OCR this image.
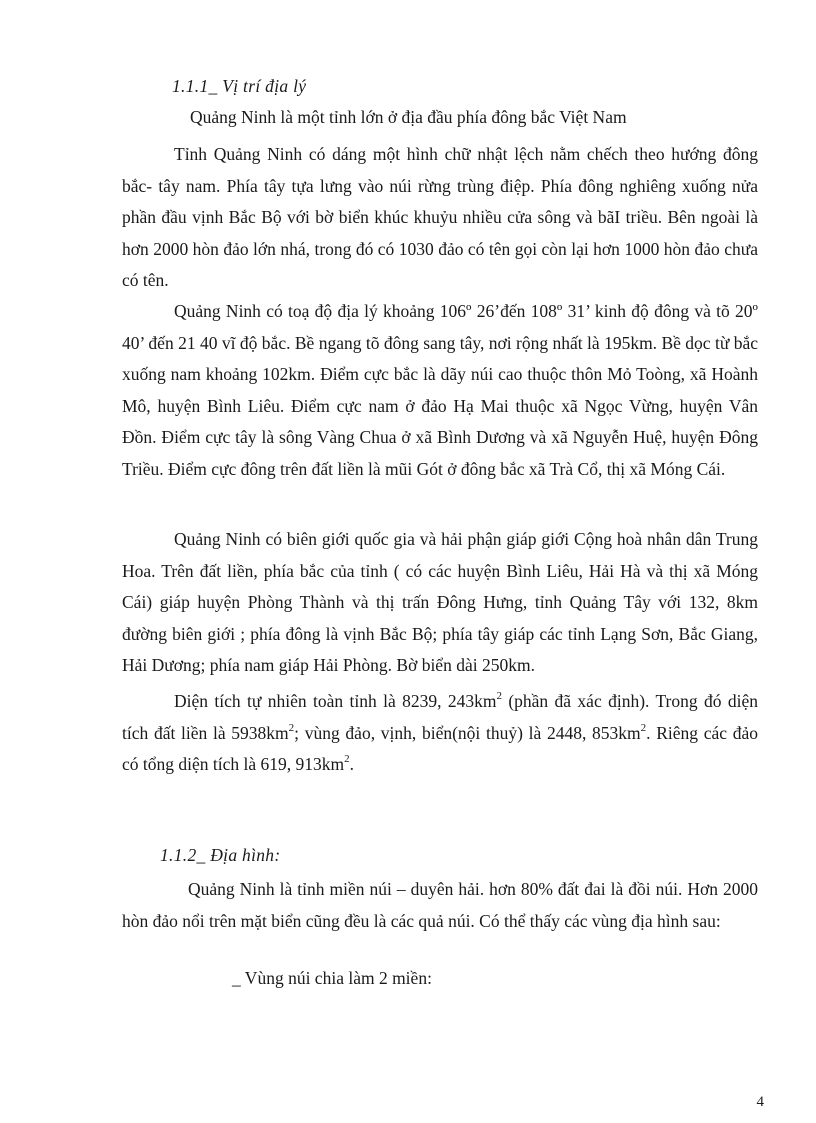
1.1.1_ Vị trí địa lý
Quảng Ninh là một tỉnh lớn ở địa đầu phía đông bắc Việt Nam

Tỉnh Quảng Ninh có dáng một hình chữ nhật lệch nằm chếch theo hướng đông bắc- tây nam. Phía tây tựa lưng vào núi rừng trùng điệp. Phía đông nghiêng xuống nửa phần đầu vịnh Bắc Bộ với bờ biển khúc khuỷu nhiều cửa sông và bãI triều. Bên ngoài là hơn 2000 hòn đảo lớn nhá, trong đó có 1030 đảo có tên gọi còn lại hơn 1000 hòn đảo chưa có tên.

Quảng Ninh có toạ độ địa lý khoảng 106º 26’đến 108º 31’ kinh độ đông và tõ 20º 40’ đến 21 40 vĩ độ bắc. Bề ngang tõ đông sang tây, nơi rộng nhất là 195km. Bề dọc từ bắc xuống nam khoảng 102km. Điểm cực bắc là dãy núi cao thuộc thôn Mỏ Toòng, xã Hoành Mô, huyện Bình Liêu. Điểm cực nam ở đảo Hạ Mai thuộc xã Ngọc Vừng, huyện Vân Đồn. Điểm cực tây là sông Vàng Chua ở xã Bình Dương và xã Nguyễn Huệ, huyện Đông Triều. Điểm cực đông trên đất liền là mũi Gót ở đông bắc xã Trà Cổ, thị xã Móng Cái.

Quảng Ninh có biên giới quốc gia và hải phận giáp giới Cộng hoà nhân dân Trung Hoa. Trên đất liền, phía bắc của tỉnh ( có các huyện Bình Liêu, Hải Hà và thị xã Móng Cái) giáp huyện Phòng Thành và thị trấn Đông Hưng, tỉnh Quảng Tây với 132, 8km đường biên giới ; phía đông là vịnh Bắc Bộ; phía tây giáp các tỉnh Lạng Sơn, Bắc Giang, Hải Dương; phía nam giáp Hải Phòng. Bờ biển dài 250km.

Diện tích tự nhiên toàn tỉnh là 8239, $243km^2$ (phần đã xác định). Trong đó diện tích đất liền là $5938km^2$; vùng đảo, vịnh, biển(nội thuỷ) là 2448, $853km^2$. Riêng các đảo có tổng diện tích là 619, $913km^2$.

1.1.2_ Địa hình:

Quảng Ninh là tỉnh miền núi – duyên hải. hơn 80% đất đai là đồi núi. Hơn 2000 hòn đảo nổi trên mặt biển cũng đều là các quả núi. Có thể thấy các vùng địa hình sau:

_ Vùng núi chia làm 2 miền:
4
